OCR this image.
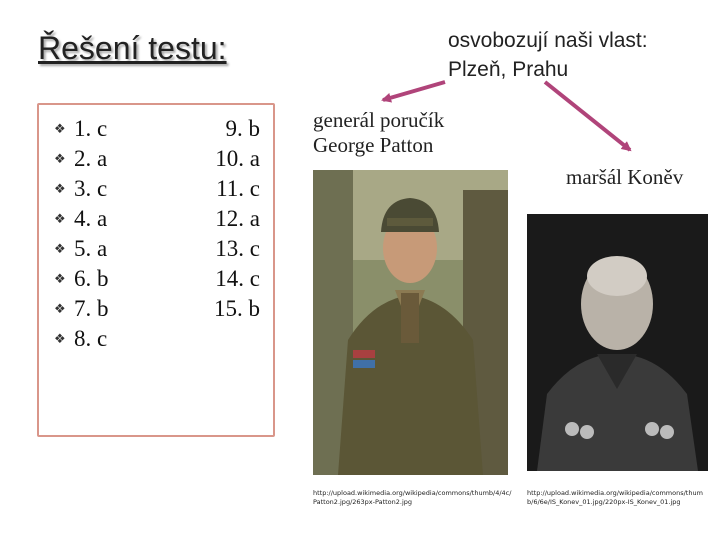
Řešení testu:
❖ 1. c
❖ 2. a
❖ 3. c
❖ 4. a
❖ 5. a
❖ 6. b
❖ 7. b
❖ 8. c
9. b
10. a
11. c
12. a
13. c
14. c
15. b
osvobozují naši vlast:
Plzeň, Prahu
generál poručík
George Patton
maršál Koněv
http://upload.wikimedia.org/wikipedia/commons/thumb/4/4c/Patton2.jpg/263px-Patton2.jpg
http://upload.wikimedia.org/wikipedia/commons/thumb/6/6e/IS_Konev_01.jpg/220px-IS_Konev_01.jpg
